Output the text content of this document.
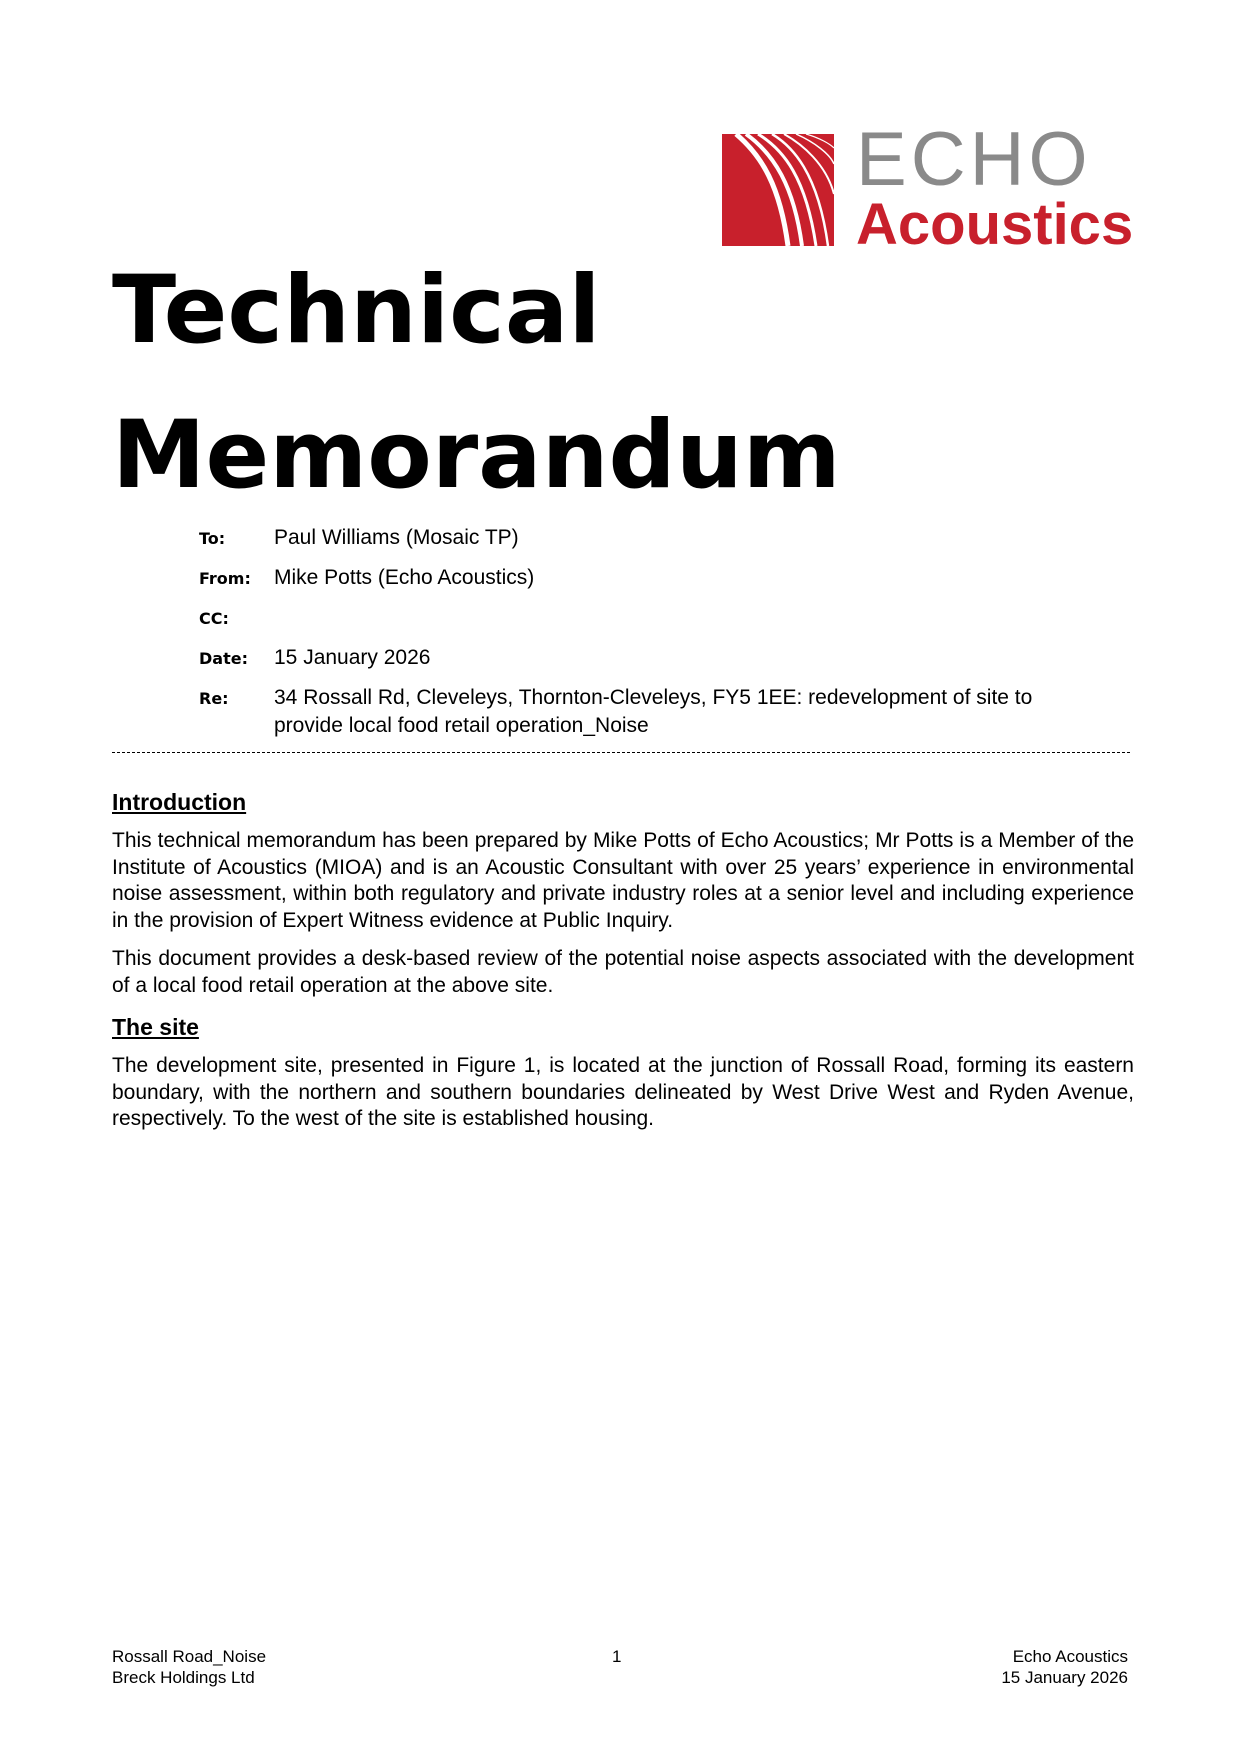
ECHO
Acoustics
Technical
Memorandum
To:	Paul Williams (Mosaic TP)
From:	Mike Potts (Echo Acoustics)
CC:
Date:	15 January 2026
Re:	34 Rossall Rd, Cleveleys, Thornton-Cleveleys, FY5 1EE: redevelopment of site to provide local food retail operation_Noise
Introduction

This technical memorandum has been prepared by Mike Potts of Echo Acoustics; Mr Potts is a Member of the Institute of Acoustics (MIOA) and is an Acoustic Consultant with over 25 years’ experience in environmental noise assessment, within both regulatory and private industry roles at a senior level and including experience in the provision of Expert Witness evidence at Public Inquiry.

This document provides a desk-based review of the potential noise aspects associated with the development of a local food retail operation at the above site.

The site

The development site, presented in Figure 1, is located at the junction of Rossall Road, forming its eastern boundary, with the northern and southern boundaries delineated by West Drive West and Ryden Avenue, respectively. To the west of the site is established housing.

Rossall Road_Noise
Breck Holdings Ltd
1	Echo Acoustics
15 January 2026
